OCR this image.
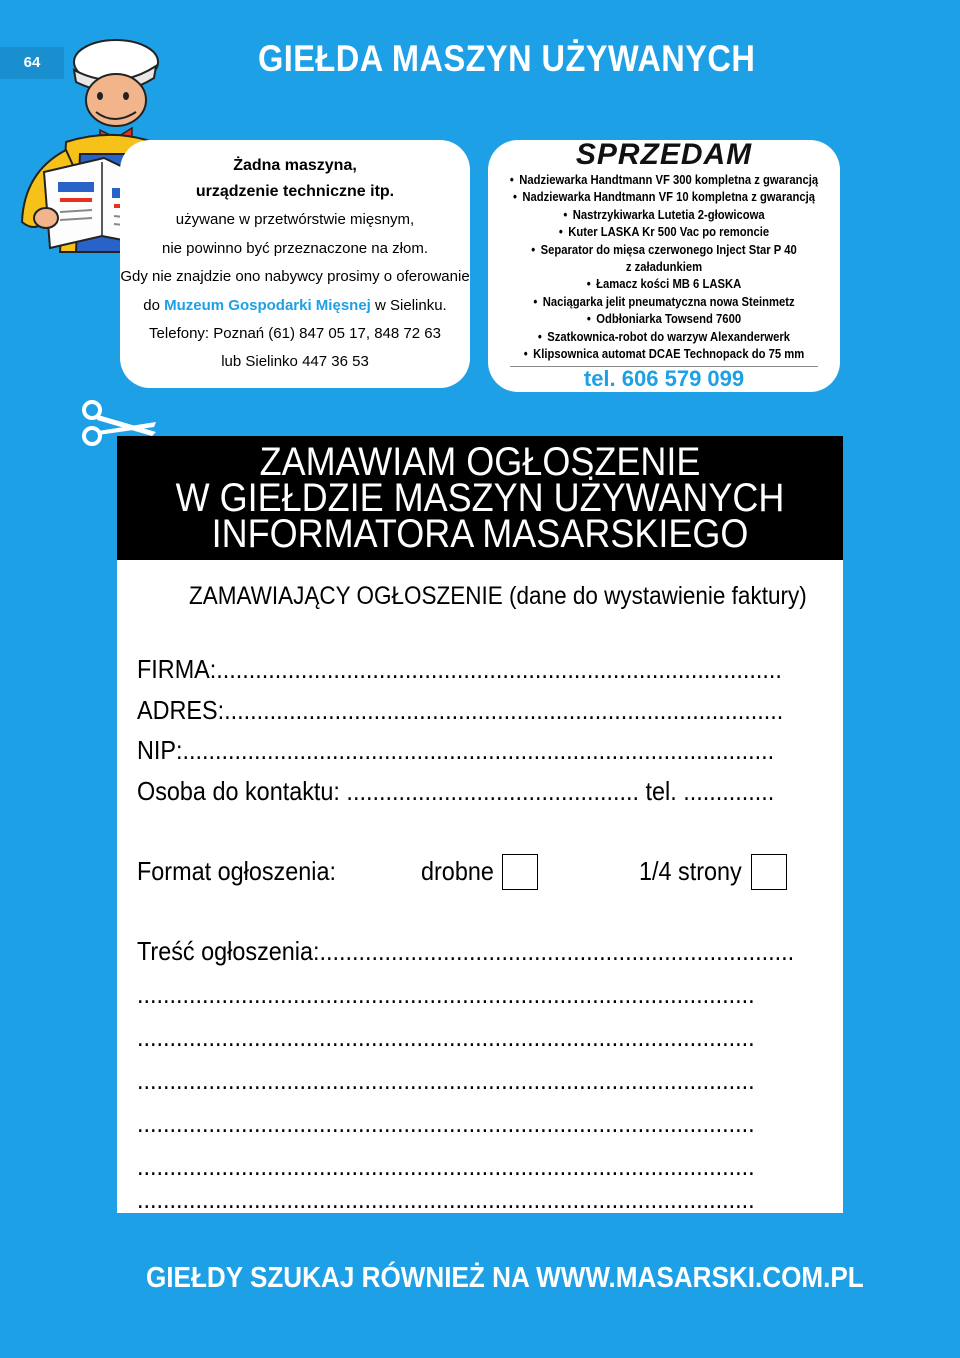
64	GIEŁDA MASZYN UŻYWANYCH
Żadna maszyna,
urządzenie techniczne itp.
używane w przetwórstwie mięsnym,
nie powinno być przeznaczone na złom.
Gdy nie znajdzie ono nabywcy prosimy o oferowanie
do Muzeum Gospodarki Mięsnej w Sielinku.
Telefony: Poznań (61) 847 05 17, 848 72 63
lub Sielinko 447 36 53
SPRZEDAM
• Nadziewarka Handtmann VF 300 kompletna z gwarancją
• Nadziewarka Handtmann VF 10 kompletna z gwarancją
• Nastrzykiwarka Lutetia 2-głowicowa
• Kuter LASKA Kr 500 Vac po remoncie
• Separator do mięsa czerwonego Inject Star P 40
z załadunkiem
• Łamacz kości MB 6 LASKA
• Naciągarka jelit pneumatyczna nowa Steinmetz
• Odbłoniarka Towsend 7600
• Szatkownica-robot do warzyw Alexanderwerk
• Klipsownica automat DCAE Technopack do 75 mm
tel. 606 579 099
ZAMAWIAM OGŁOSZENIE
W GIEŁDZIE MASZYN UŻYWANYCH
INFORMATORA MASARSKIEGO
ZAMAWIAJĄCY OGŁOSZENIE (dane do wystawienie faktury)
FIRMA:.......................................................................................
ADRES:......................................................................................
NIP:...........................................................................................
Osoba do kontaktu: ............................................. tel. ..............
Format ogłoszenia:	drobne	1/4 strony
Treść ogłoszenia:.........................................................................
...............................................................................................
...............................................................................................
...............................................................................................
...............................................................................................
...............................................................................................
...............................................................................................
GIEŁDY SZUKAJ RÓWNIEŻ NA WWW.MASARSKI.COM.PL
